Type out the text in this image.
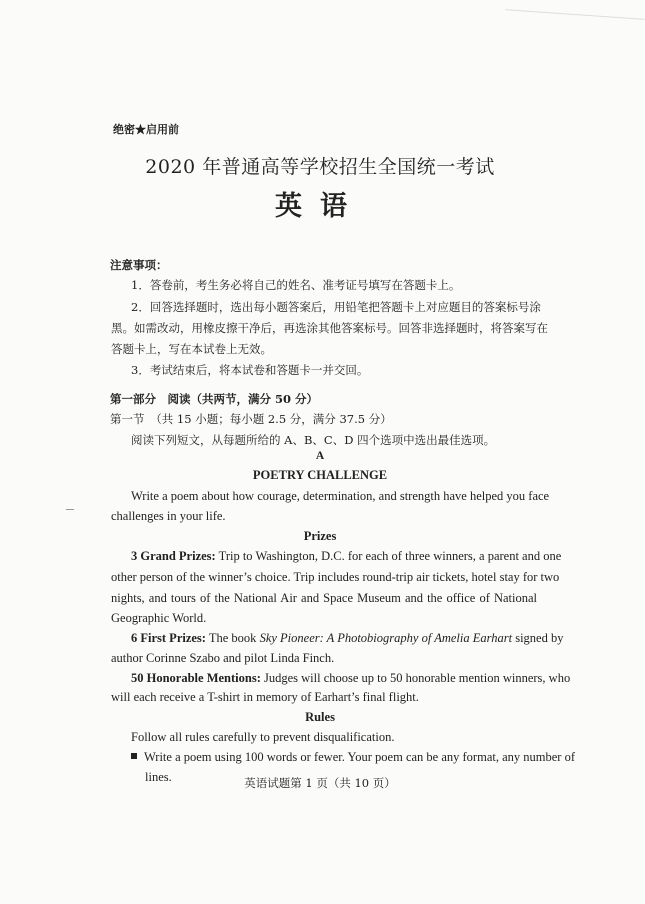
绝密★启用前
2020 年普通高等学校招生全国统一考试
英语
注意事项：
1．答卷前，考生务必将自己的姓名、准考证号填写在答题卡上。
2．回答选择题时，选出每小题答案后，用铅笔把答题卡上对应题目的答案标号涂
黑。如需改动，用橡皮擦干净后，再选涂其他答案标号。回答非选择题时，将答案写在
答题卡上，写在本试卷上无效。
3．考试结束后，将本试卷和答题卡一并交回。
第一部分　阅读（共两节，满分 50 分）
第一节　（共 15 小题；每小题 2.5 分，满分 37.5 分）
阅读下列短文，从每题所给的 A、B、C、D 四个选项中选出最佳选项。
A
POETRY CHALLENGE
Write a poem about how courage, determination, and strength have helped you face
challenges in your life.
Prizes
3 Grand Prizes: Trip to Washington, D.C. for each of three winners, a parent and one
other person of the winner’s choice. Trip includes round-trip air tickets, hotel stay for two
nights, and tours of the National Air and Space Museum and the office of National
Geographic World.
6 First Prizes: The book Sky Pioneer: A Photobiography of Amelia Earhart signed by
author Corinne Szabo and pilot Linda Finch.
50 Honorable Mentions: Judges will choose up to 50 honorable mention winners, who
will each receive a T-shirt in memory of Earhart’s final flight.
Rules
Follow all rules carefully to prevent disqualification.
Write a poem using 100 words or fewer. Your poem can be any format, any number of
lines.	英语试题第 1 页（共 10 页）
